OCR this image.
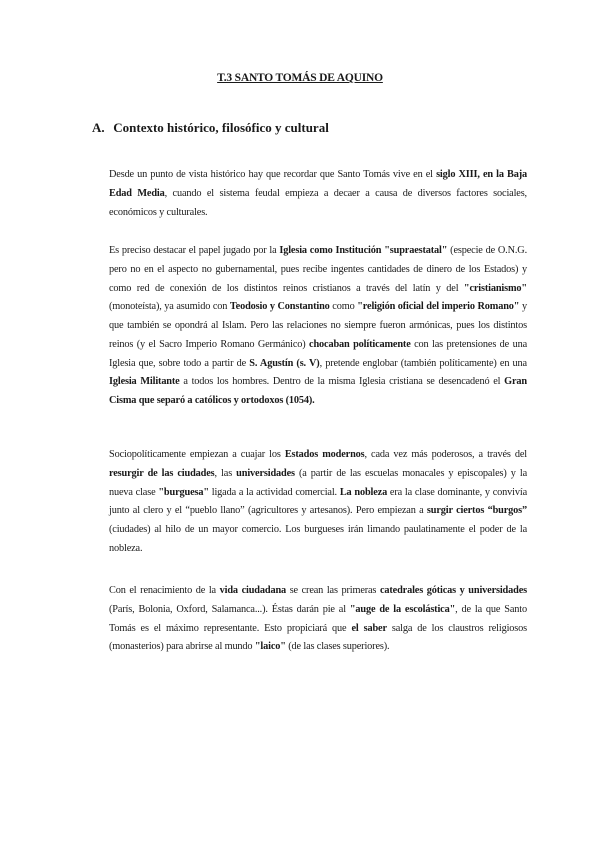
T.3 SANTO TOMÁS DE AQUINO
A. Contexto histórico, filosófico y cultural

Desde un punto de vista histórico hay que recordar que Santo Tomás vive en el siglo XIII, en la Baja Edad Media, cuando el sistema feudal empieza a decaer a causa de diversos factores sociales, económicos y culturales.

Es preciso destacar el papel jugado por la Iglesia como Institución "supraestatal" (especie de O.N.G. pero no en el aspecto no gubernamental, pues recibe ingentes cantidades de dinero de los Estados) y como red de conexión de los distintos reinos cristianos a través del latín y del "cristianismo" (monoteísta), ya asumido con Teodosio y Constantino como "religión oficial del imperio Romano" y que también se opondrá al Islam. Pero las relaciones no siempre fueron armónicas, pues los distintos reinos (y el Sacro Imperio Romano Germánico) chocaban políticamente con las pretensiones de una Iglesia que, sobre todo a partir de S. Agustín (s. V), pretende englobar (también políticamente) en una Iglesia Militante a todos los hombres. Dentro de la misma Iglesia cristiana se desencadenó el Gran Cisma que separó a católicos y ortodoxos (1054).

Sociopolíticamente empiezan a cuajar los Estados modernos, cada vez más poderosos, a través del resurgir de las ciudades, las universidades (a partir de las escuelas monacales y episcopales) y la nueva clase "burguesa" ligada a la actividad comercial. La nobleza era la clase dominante, y convivía junto al clero y el “pueblo llano” (agricultores y artesanos). Pero empiezan a surgir ciertos “burgos” (ciudades) al hilo de un mayor comercio. Los burgueses irán limando paulatinamente el poder de la nobleza.

Con el renacimiento de la vida ciudadana se crean las primeras catedrales góticas y universidades (París, Bolonia, Oxford, Salamanca...). Éstas darán pie al "auge de la escolástica", de la que Santo Tomás es el máximo representante. Esto propiciará que el saber salga de los claustros religiosos (monasterios) para abrirse al mundo "laico" (de las clases superiores).
